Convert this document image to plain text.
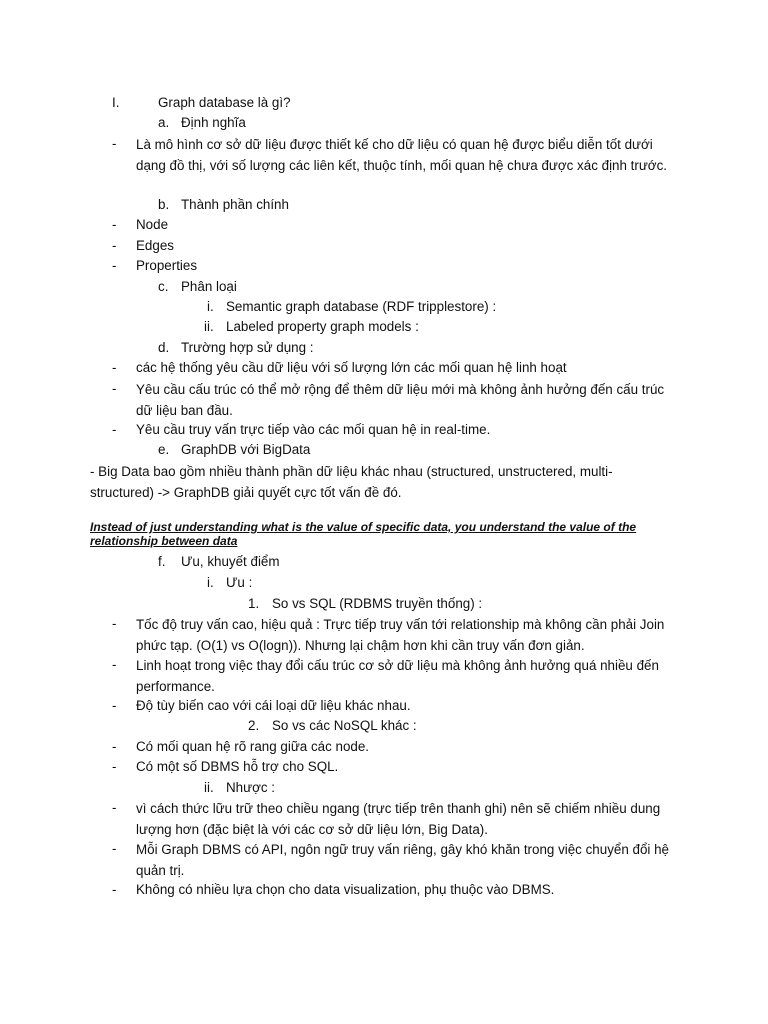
I.	Graph database là gì?
a. Định nghĩa
- Là mô hình cơ sở dữ liệu được thiết kế cho dữ liệu có quan hệ được biểu diễn tốt dưới dạng đồ thị, với số lượng các liên kết, thuộc tính, mối quan hệ chưa được xác định trước.
b. Thành phần chính
- Node
- Edges
- Properties
c. Phân loại
i. Semantic graph database (RDF tripplestore) :
ii. Labeled property graph models :
d. Trường hợp sử dụng :
- các hệ thống yêu cầu dữ liệu với số lượng lớn các mối quan hệ linh hoạt
- Yêu cầu cấu trúc có thể mở rộng để thêm dữ liệu mới mà không ảnh hưởng đến cấu trúc dữ liệu ban đầu.
- Yêu cầu truy vấn trực tiếp vào các mối quan hệ in real-time.
e. GraphDB với BigData
- Big Data bao gồm nhiều thành phần dữ liệu khác nhau (structured, unstructered, multi-structured) -> GraphDB giải quyết cực tốt vấn đề đó.
Instead of just understanding what is the value of specific data, you understand the value of the relationship between data
f. Ưu, khuyết điểm
i. Ưu :
1. So vs SQL (RDBMS truyền thống) :
- Tốc độ truy vấn cao, hiệu quả : Trực tiếp truy vấn tới relationship mà không cần phải Join phức tạp. (O(1) vs O(logn)). Nhưng lại chậm hơn khi cần truy vấn đơn giản.
- Linh hoạt trong việc thay đổi cấu trúc cơ sở dữ liệu mà không ảnh hưởng quá nhiều đến performance.
- Độ tùy biến cao với cái loại dữ liệu khác nhau.
2. So vs các NoSQL khác :
- Có mối quan hệ rõ rang giữa các node.
- Có một số DBMS hỗ trợ cho SQL.
ii. Nhược :
- vì cách thức lữu trữ theo chiều ngang (trực tiếp trên thanh ghi) nên sẽ chiếm nhiều dung lượng hơn (đặc biệt là với các cơ sở dữ liệu lớn, Big Data).
- Mỗi Graph DBMS có API, ngôn ngữ truy vấn riêng, gây khó khăn trong việc chuyển đổi hệ quản trị.
- Không có nhiều lựa chọn cho data visualization, phụ thuộc vào DBMS.
